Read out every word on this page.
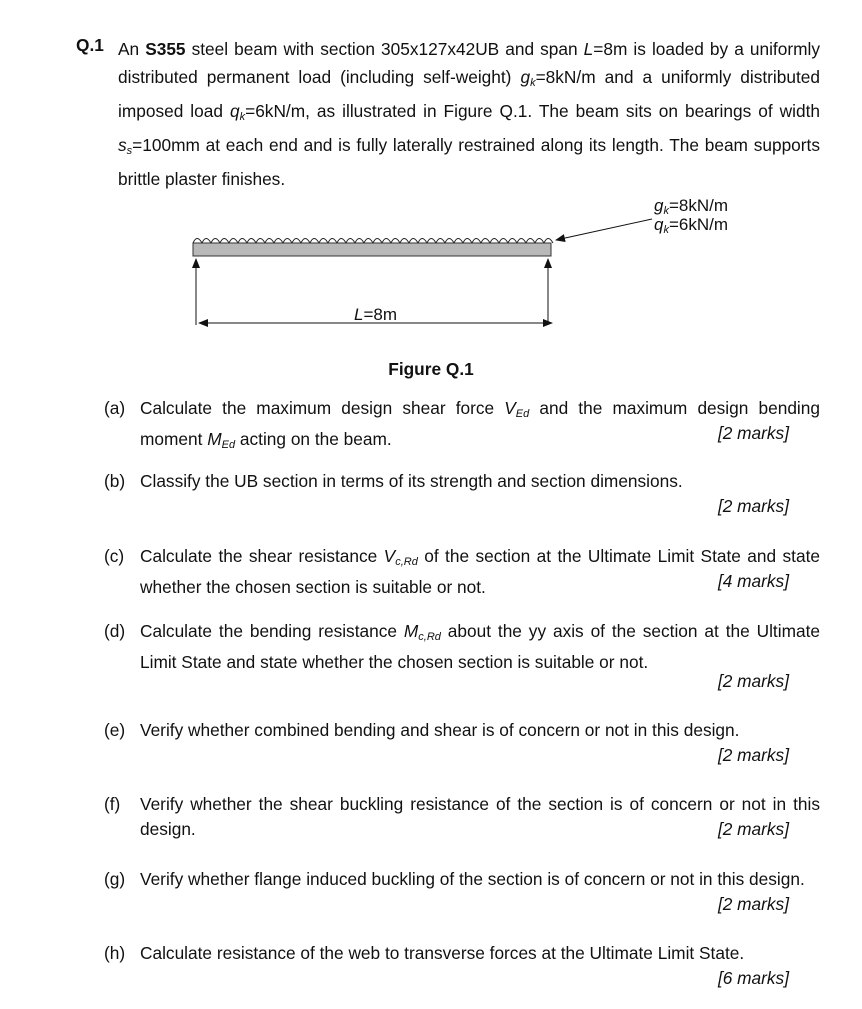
Q.1 An S355 steel beam with section 305x127x42UB and span L=8m is loaded by a uniformly distributed permanent load (including self-weight) $g_k=8kN/m$ and a uniformly distributed imposed load $q_k=6kN/m$, as illustrated in Figure Q.1. The beam sits on bearings of width $s_s=100mm$ at each end and is fully laterally restrained along its length. The beam supports brittle plaster finishes.
$g_k=8kN/m$
$q_k=6kN/m$
L=8m
Figure Q.1
(a) Calculate the maximum design shear force $V_{Ed}$ and the maximum design bending moment $M_{Ed}$ acting on the beam.	[2 marks]
(b) Classify the UB section in terms of its strength and section dimensions.
[2 marks]
(c) Calculate the shear resistance $V_{c,Rd}$ of the section at the Ultimate Limit State and state whether the chosen section is suitable or not.	[4 marks]
(d) Calculate the bending resistance $M_{c,Rd}$ about the yy axis of the section at the Ultimate Limit State and state whether the chosen section is suitable or not.
[2 marks]
(e) Verify whether combined bending and shear is of concern or not in this design.
[2 marks]
(f)	Verify whether the shear buckling resistance of the section is of concern or not in this design.	[2 marks]
(g) Verify whether flange induced buckling of the section is of concern or not in this design.
[2 marks]
(h) Calculate resistance of the web to transverse forces at the Ultimate Limit State.
[6 marks]
